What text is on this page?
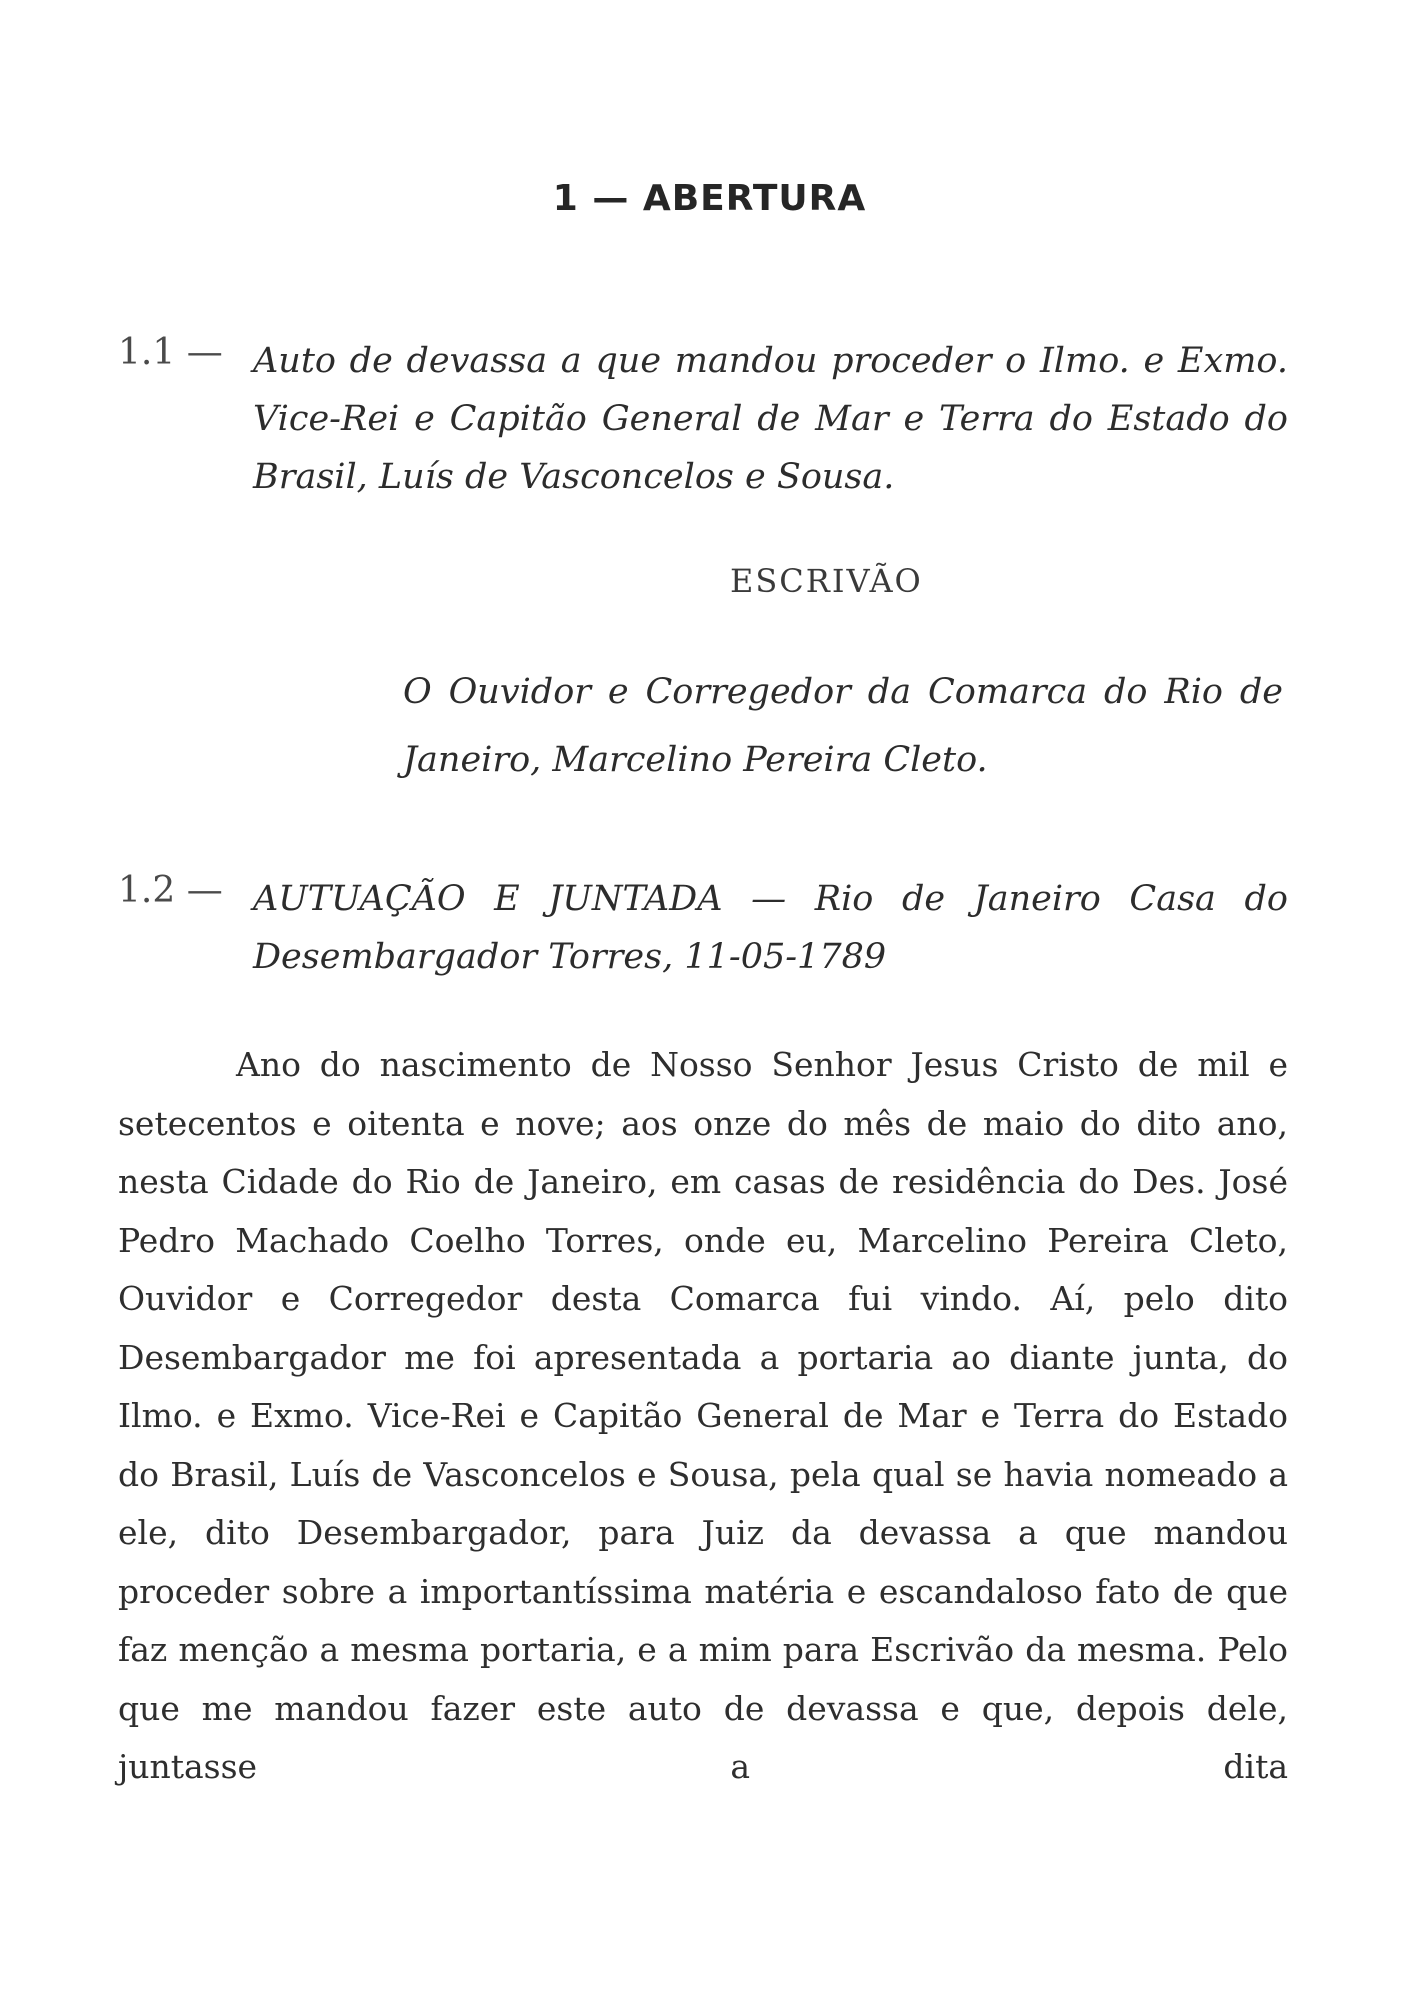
1 — ABERTURA
1.1 — Auto de devassa a que mandou proceder o Ilmo. e Exmo. Vice-Rei e Capitão General de Mar e Terra do Estado do Brasil, Luís de Vasconcelos e Sousa.
ESCRIVÃO
O Ouvidor e Corregedor da Comarca do Rio de Janeiro, Marcelino Pereira Cleto.
1.2 — AUTUAÇÃO E JUNTADA — Rio de Janeiro Casa do Desembargador Torres, 11-05-1789
Ano do nascimento de Nosso Senhor Jesus Cristo de mil e setecentos e oitenta e nove; aos onze do mês de maio do dito ano, nesta Cidade do Rio de Janeiro, em casas de residência do Des. José Pedro Machado Coelho Torres, onde eu, Marcelino Pereira Cleto, Ouvidor e Corregedor desta Comarca fui vindo. Aí, pelo dito Desembargador me foi apresentada a portaria ao diante junta, do Ilmo. e Exmo. Vice-Rei e Capitão General de Mar e Terra do Estado do Brasil, Luís de Vasconcelos e Sousa, pela qual se havia nomeado a ele, dito Desembargador, para Juiz da devassa a que mandou proceder sobre a importantíssima matéria e escandaloso fato de que faz menção a mesma portaria, e a mim para Escrivão da mesma. Pelo que me mandou fazer este auto de devassa e que, depois dele, juntasse a dita
